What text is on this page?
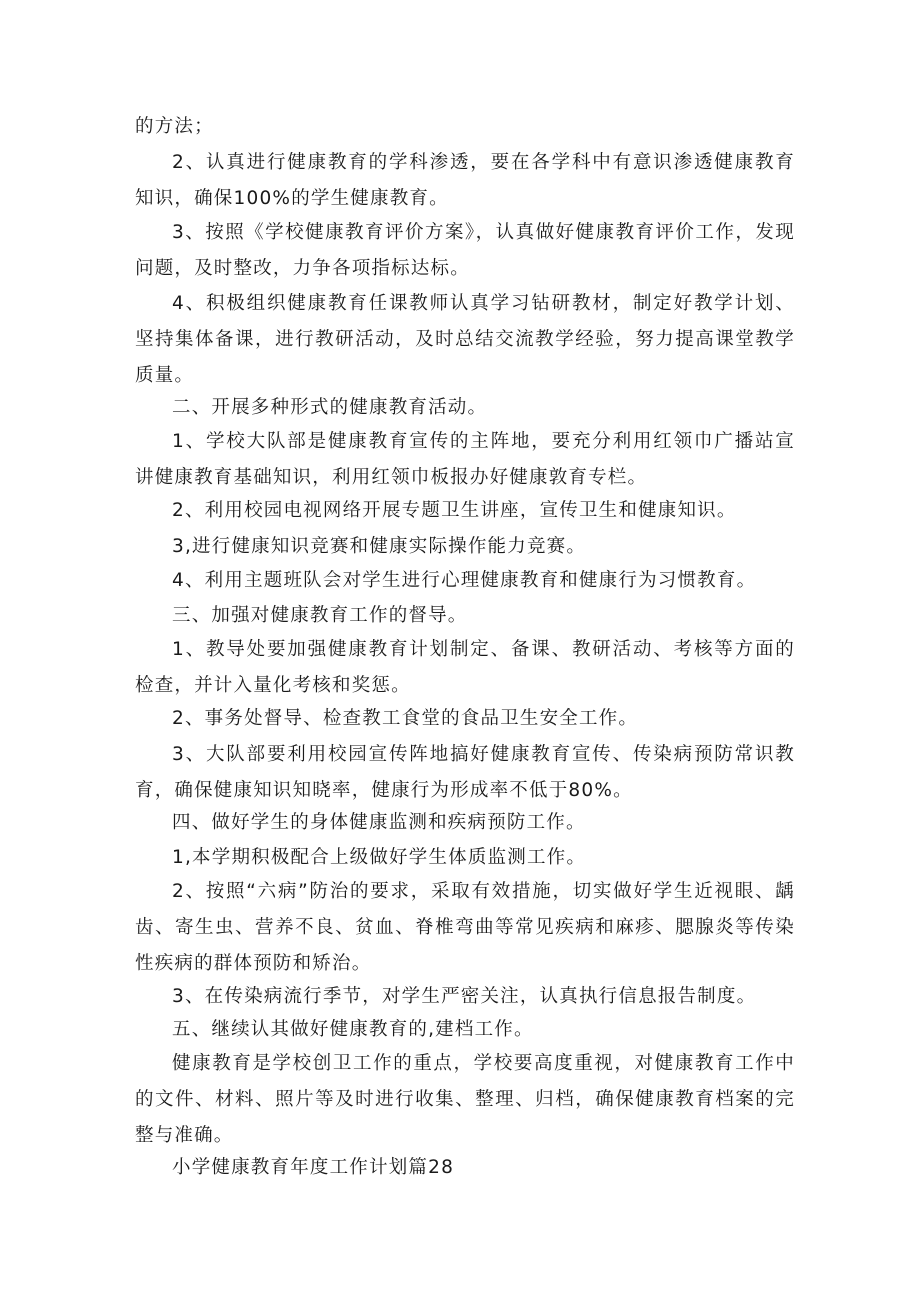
的方法；

2、认真进行健康教育的学科渗透，要在各学科中有意识渗透健康教育知识，确保100%的学生健康教育。

3、按照《学校健康教育评价方案》，认真做好健康教育评价工作，发现问题，及时整改，力争各项指标达标。

4、积极组织健康教育任课教师认真学习钻研教材，制定好教学计划、坚持集体备课，进行教研活动，及时总结交流教学经验，努力提高课堂教学质量。

二、开展多种形式的健康教育活动。

1、学校大队部是健康教育宣传的主阵地，要充分利用红领巾广播站宣讲健康教育基础知识，利用红领巾板报办好健康敦育专栏。

2、利用校园电视网络开展专题卫生讲座，宣传卫生和健康知识。

3,进行健康知识竞赛和健康实际操作能力竞赛。

4、利用主题班队会对学生进行心理健康教育和健康行为习惯教育。

三、加强对健康教育工作的督导。

1、教导处要加强健康教育计划制定、备课、教研活动、考核等方面的检查，并计入量化考核和奖惩。

2、事务处督导、检查教工食堂的食品卫生安全工作。

3、大队部要利用校园宣传阵地搞好健康教育宣传、传染病预防常识教育，确保健康知识知晓率，健康行为形成率不低于80%。

四、做好学生的身体健康监测和疾病预防工作。

1,本学期积极配合上级做好学生体质监测工作。

2、按照“六病”防治的要求，采取有效措施，切实做好学生近视眼、龋齿、寄生虫、营养不良、贫血、脊椎弯曲等常见疾病和麻疹、腮腺炎等传染性疾病的群体预防和矫治。

3、在传染病流行季节，对学生严密关注，认真执行信息报告制度。

五、继续认其做好健康教育的,建档工作。

健康教育是学校创卫工作的重点，学校要高度重视，对健康教育工作中的文件、材料、照片等及时进行收集、整理、归档，确保健康教育档案的完整与准确。

小学健康教育年度工作计划篇28
